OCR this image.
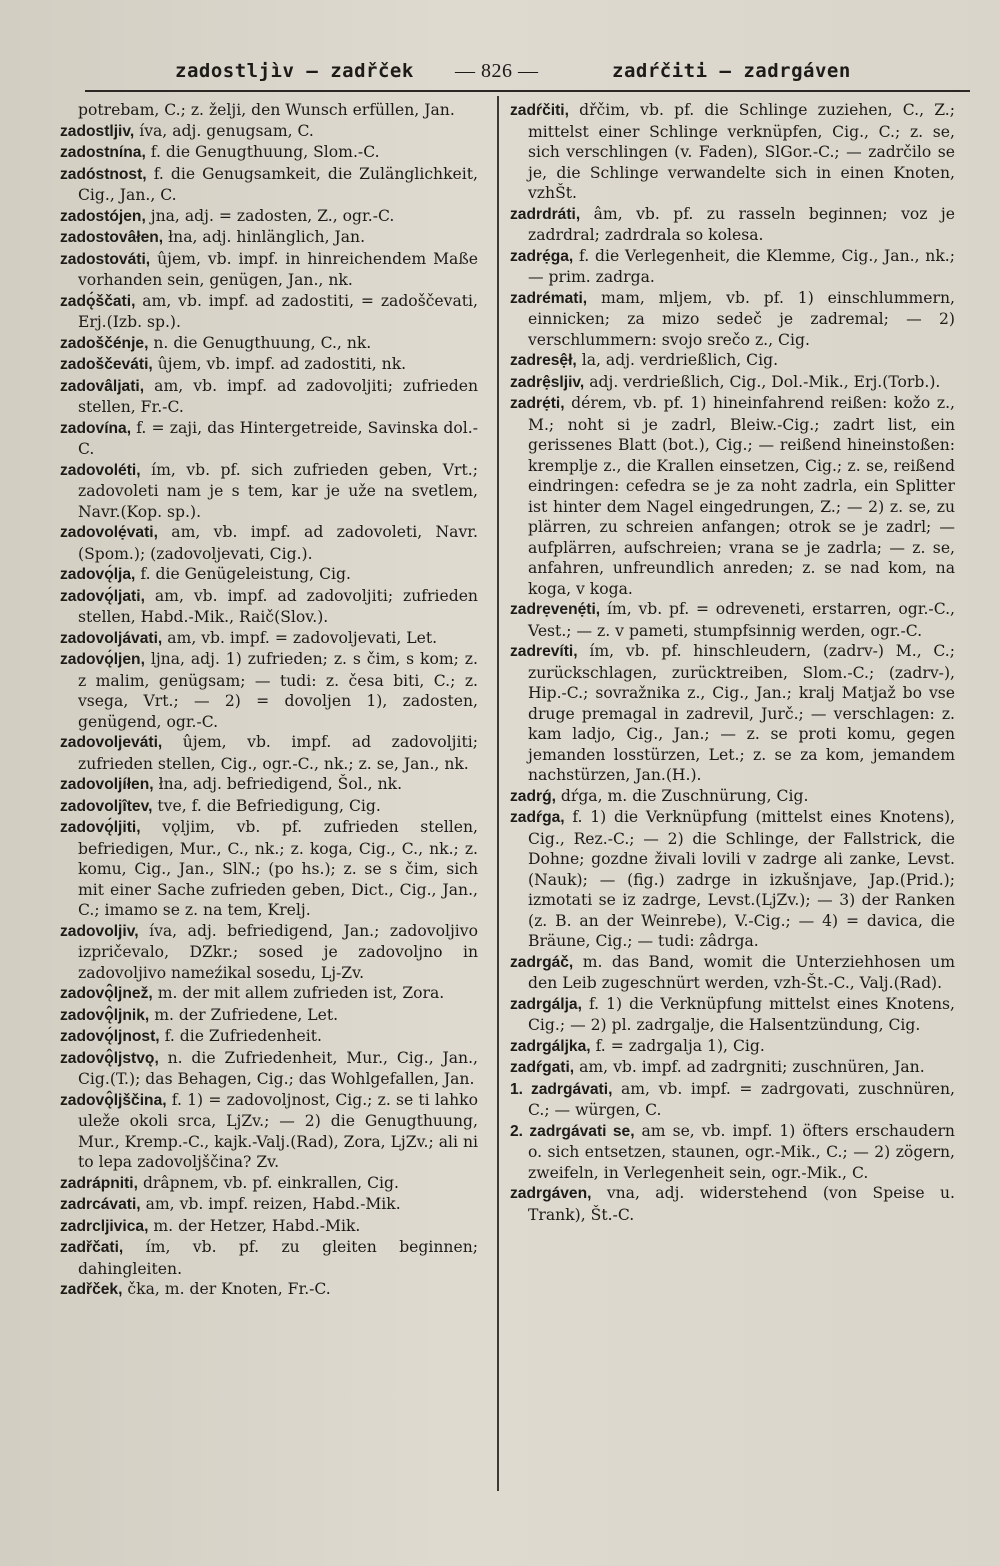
zadostljìv — zadřček — 826 —	zadŕčiti — zadrgáven

potrebam, C.; z. želji, den Wunsch erfüllen, Jan.

zadostljiv, íva, adj. genugsam, C.

zadostnína, f. die Genugthuung, Slom.-C.

zadóstnost, f. die Genugsamkeit, die Zulänglichkeit, Cig., Jan., C.

zadostójen, jna, adj. = zadosten, Z., ogr.-C.

zadostovâłen, łna, adj. hinlänglich, Jan.

zadostováti, ûjem, vb. impf. in hinreichendem Maße vorhanden sein, genügen, Jan., nk.

zadǫ́ščati, am, vb. impf. ad zadostiti, = zadoščevati, Erj.(Izb. sp.).

zadoščénje, n. die Genugthuung, C., nk.

zadoščeváti, ûjem, vb. impf. ad zadostiti, nk.

zadovâljati, am, vb. impf. ad zadovoljiti; zufrieden stellen, Fr.-C.

zadovína, f. = zaji, das Hintergetreide, Savinska dol.-C.

zadovoléti, ím, vb. pf. sich zufrieden geben, Vrt.; zadovoleti nam je s tem, kar je uže na svetlem, Navr.(Kop. sp.).

zadovolẹ́vati, am, vb. impf. ad zadovoleti, Navr.(Spom.); (zadovoljevati, Cig.).

zadovǫ́lja, f. die Genügeleistung, Cig.

zadovǫ́ljati, am, vb. impf. ad zadovoljiti; zufrieden stellen, Habd.-Mik., Raič(Slov.).

zadovoljávati, am, vb. impf. = zadovoljevati, Let.

zadovǫ́ljen, ljna, adj. 1) zufrieden; z. s čim, s kom; z. z malim, genügsam; — tudi: z. česa biti, C.; z. vsega, Vrt.; — 2) = dovoljen 1), zadosten, genügend, ogr.-C.

zadovoljeváti, ûjem, vb. impf. ad zadovoljiti; zufrieden stellen, Cig., ogr.-C., nk.; z. se, Jan., nk.

zadovoljíłen, łna, adj. befriedigend, Šol., nk.

zadovoljîtev, tve, f. die Befriedigung, Cig.

zadovǫ́ljiti, vǫljim, vb. pf. zufrieden stellen, befriedigen, Mur., C., nk.; z. koga, Cig., C., nk.; z. komu, Cig., Jan., SlN.; (po hs.); z. se s čim, sich mit einer Sache zufrieden geben, Dict., Cig., Jan., C.; imamo se z. na tem, Krelj.

zadovoljiv, íva, adj. befriedigend, Jan.; zadovoljivo izpričevalo, DZkr.; sosed je zadovoljno in zadovoljivo nameźikal sosedu, Lj-Zv.

zadovǫ̂ljnež, m. der mit allem zufrieden ist, Zora.

zadovǫ̂ljnik, m. der Zufriedene, Let.

zadovǫ́ljnost, f. die Zufriedenheit.

zadovǫ̂ljstvǫ, n. die Zufriedenheit, Mur., Cig., Jan., Cig.(T.); das Behagen, Cig.; das Wohlgefallen, Jan.

zadovǫ̂ljščina, f. 1) = zadovoljnost, Cig.; z. se ti lahko uleže okoli srca, LjZv.; — 2) die Genugthuung, Mur., Kremp.-C., kajk.-Valj.(Rad), Zora, LjZv.; ali ni to lepa zadovoljščina? Zv.

zadrápniti, drâpnem, vb. pf. einkrallen, Cig.

zadrcávati, am, vb. impf. reizen, Habd.-Mik.

zadrcljivica, m. der Hetzer, Habd.-Mik.

zadřčati, ím, vb. pf. zu gleiten beginnen; dahingleiten.

zadřček, čka, m. der Knoten, Fr.-C.

zadŕčiti, dřčim, vb. pf. die Schlinge zuziehen, C., Z.; mittelst einer Schlinge verknüpfen, Cig., C.; z. se, sich verschlingen (v. Faden), SlGor.-C.; — zadrčilo se je, die Schlinge verwandelte sich in einen Knoten, vzhŠt.

zadrdráti, âm, vb. pf. zu rasseln beginnen; voz je zadrdral; zadrdrala so kolesa.

zadrẹ́ga, f. die Verlegenheit, die Klemme, Cig., Jan., nk.; — prim. zadrga.

zadrémati, mam, mljem, vb. pf. 1) einschlummern, einnicken; za mizo sedeč je zadremal; — 2) verschlummern: svojo srečo z., Cig.

zadresệł, la, adj. verdrießlich, Cig.

zadrệsljiv, adj. verdrießlich, Cig., Dol.-Mik., Erj.(Torb.).

zadrẹ́ti, dérem, vb. pf. 1) hineinfahrend reißen: kožo z., M.; noht si je zadrl, Bleiw.-Cig.; zadrt list, ein gerissenes Blatt (bot.), Cig.; — reißend hineinstoßen: kremplje z., die Krallen einsetzen, Cig.; z. se, reißend eindringen: cefedra se je za noht zadrla, ein Splitter ist hinter dem Nagel eingedrungen, Z.; — 2) z. se, zu plärren, zu schreien anfangen; otrok se je zadrl; — aufplärren, aufschreien; vrana se je zadrla; — z. se, anfahren, unfreundlich anreden; z. se nad kom, na koga, v koga.

zadrẹvenẹ́ti, ím, vb. pf. = odreveneti, erstarren, ogr.-C., Vest.; — z. v pameti, stumpfsinnig werden, ogr.-C.

zadrevíti, ím, vb. pf. hinschleudern, (zadrv-) M., C.; zurückschlagen, zurücktreiben, Slom.-C.; (zadrv-), Hip.-C.; sovražnika z., Cig., Jan.; kralj Matjaž bo vse druge premagal in zadrevil, Jurč.; — verschlagen: z. kam ladjo, Cig., Jan.; — z. se proti komu, gegen jemanden losstürzen, Let.; z. se za kom, jemandem nachstürzen, Jan.(H.).

zadrǵ, dŕga, m. die Zuschnürung, Cig.

zadŕga, f. 1) die Verknüpfung (mittelst eines Knotens), Cig., Rez.-C.; — 2) die Schlinge, der Fallstrick, die Dohne; gozdne živali lovili v zadrge ali zanke, Levst.(Nauk); — (fig.) zadrge in izkušnjave, Jap.(Prid.); izmotati se iz zadrge, Levst.(LjZv.); — 3) der Ranken (z. B. an der Weinrebe), V.-Cig.; — 4) = davica, die Bräune, Cig.; — tudi: zâdrga.

zadrgáč, m. das Band, womit die Unterziehhosen um den Leib zugeschnürt werden, vzh-Št.-C., Valj.(Rad).

zadrgálja, f. 1) die Verknüpfung mittelst eines Knotens, Cig.; — 2) pl. zadrgalje, die Halsentzündung, Cig.

zadrgáljka, f. = zadrgalja 1), Cig.

zadŕgati, am, vb. impf. ad zadrgniti; zuschnüren, Jan.

1. zadrgávati, am, vb. impf. = zadrgovati, zuschnüren, C.; — würgen, C.

2. zadrgávati se, am se, vb. impf. 1) öfters erschaudern o. sich entsetzen, staunen, ogr.-Mik., C.; — 2) zögern, zweifeln, in Verlegenheit sein, ogr.-Mik., C.

zadrgáven, vna, adj. widerstehend (von Speise u. Trank), Št.-C.
